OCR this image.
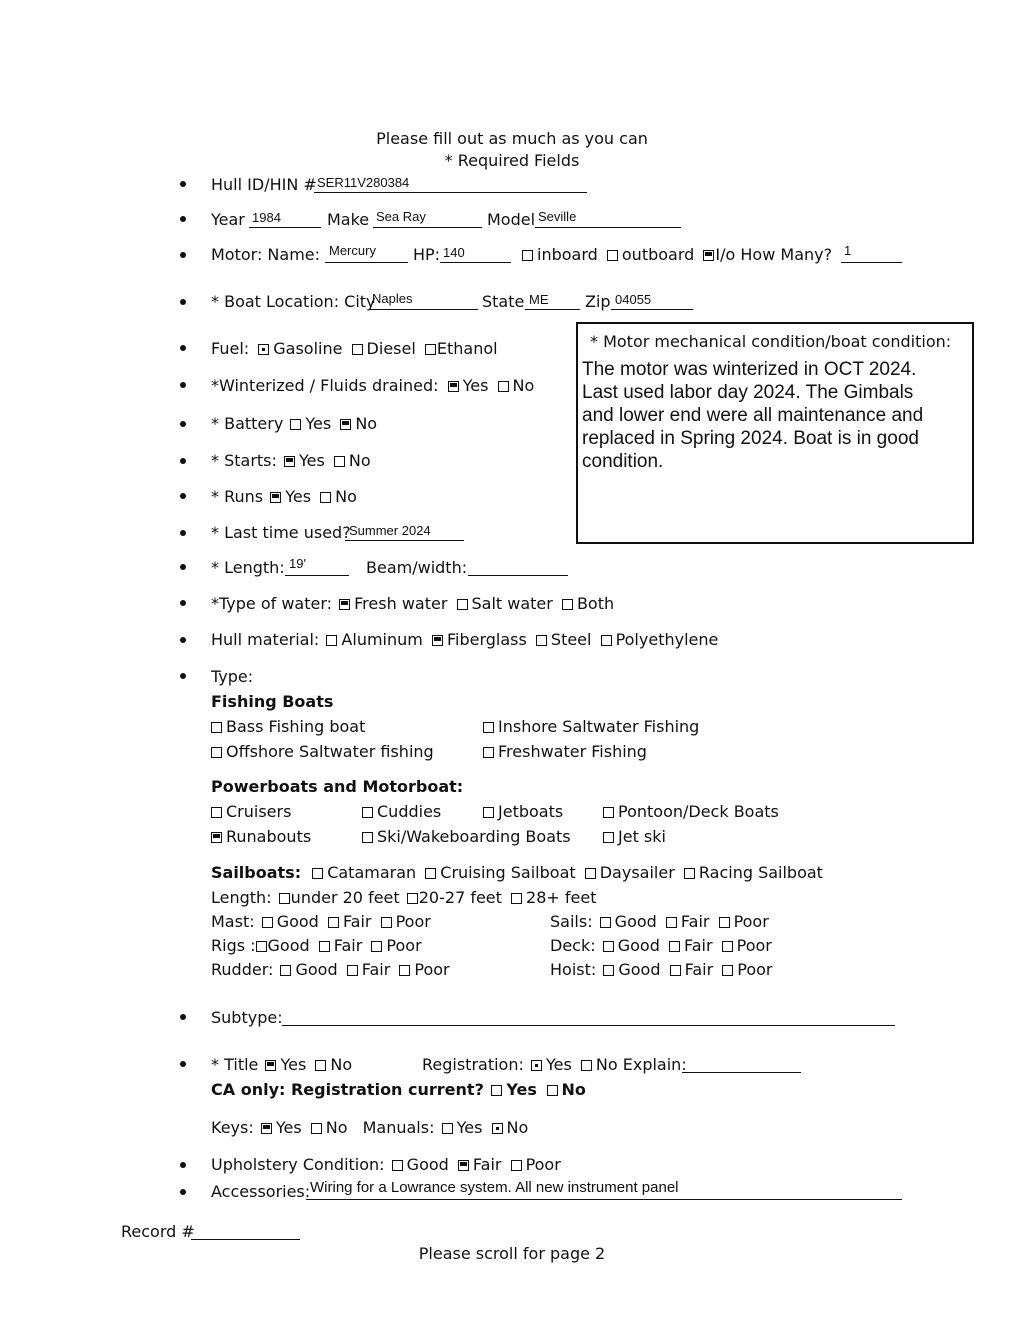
Please fill out as much as you can
* Required Fields
Hull ID/HIN # SER11V280384
Year 1984	Make Sea Ray	Model Seville
Motor: Name: Mercury HP: 140	inboard outboard I/o How Many? 1
* Boat Location: City
Naples	State ME Zip 04055
Fuel: Gasoline Diesel Ethanol
*Winterized / Fluids drained: Yes No
* Battery Yes No
* Starts: Yes No
* Runs Yes No
* Last time used?
Summer 2024
* Length: 19'	Beam/width:
* Motor mechanical condition/boat condition:
The motor was winterized in OCT 2024.
Last used labor day 2024. The Gimbals
and lower end were all maintenance and
replaced in Spring 2024. Boat is in good
condition.
*Type of water: Fresh water Salt water Both
Hull material: Aluminum Fiberglass Steel Polyethylene
Type:
Fishing Boats
Bass Fishing boat	Inshore Saltwater Fishing
Offshore Saltwater fishing	Freshwater Fishing
Powerboats and Motorboat:
Cruisers	Cuddies	Jetboats	Pontoon/Deck Boats
Runabouts	Ski/Wakeboarding Boats	Jet ski
Sailboats: Catamaran Cruising Sailboat Daysailer Racing Sailboat
Length: under 20 feet 20-27 feet 28+ feet
Mast: Good Fair Poor	Sails: Good Fair Poor
Rigs : Good Fair Poor	Deck: Good Fair Poor
Rudder: Good Fair Poor	Hoist: Good Fair Poor
Subtype:
* Title Yes No	Registration: Yes No Explain:
CA only: Registration current? Yes No
Keys: Yes No Manuals: Yes No
Upholstery Condition: Good Fair Poor
Accessories: Wiring for a Lowrance system. All new instrument panel
Record #
Please scroll for page 2
